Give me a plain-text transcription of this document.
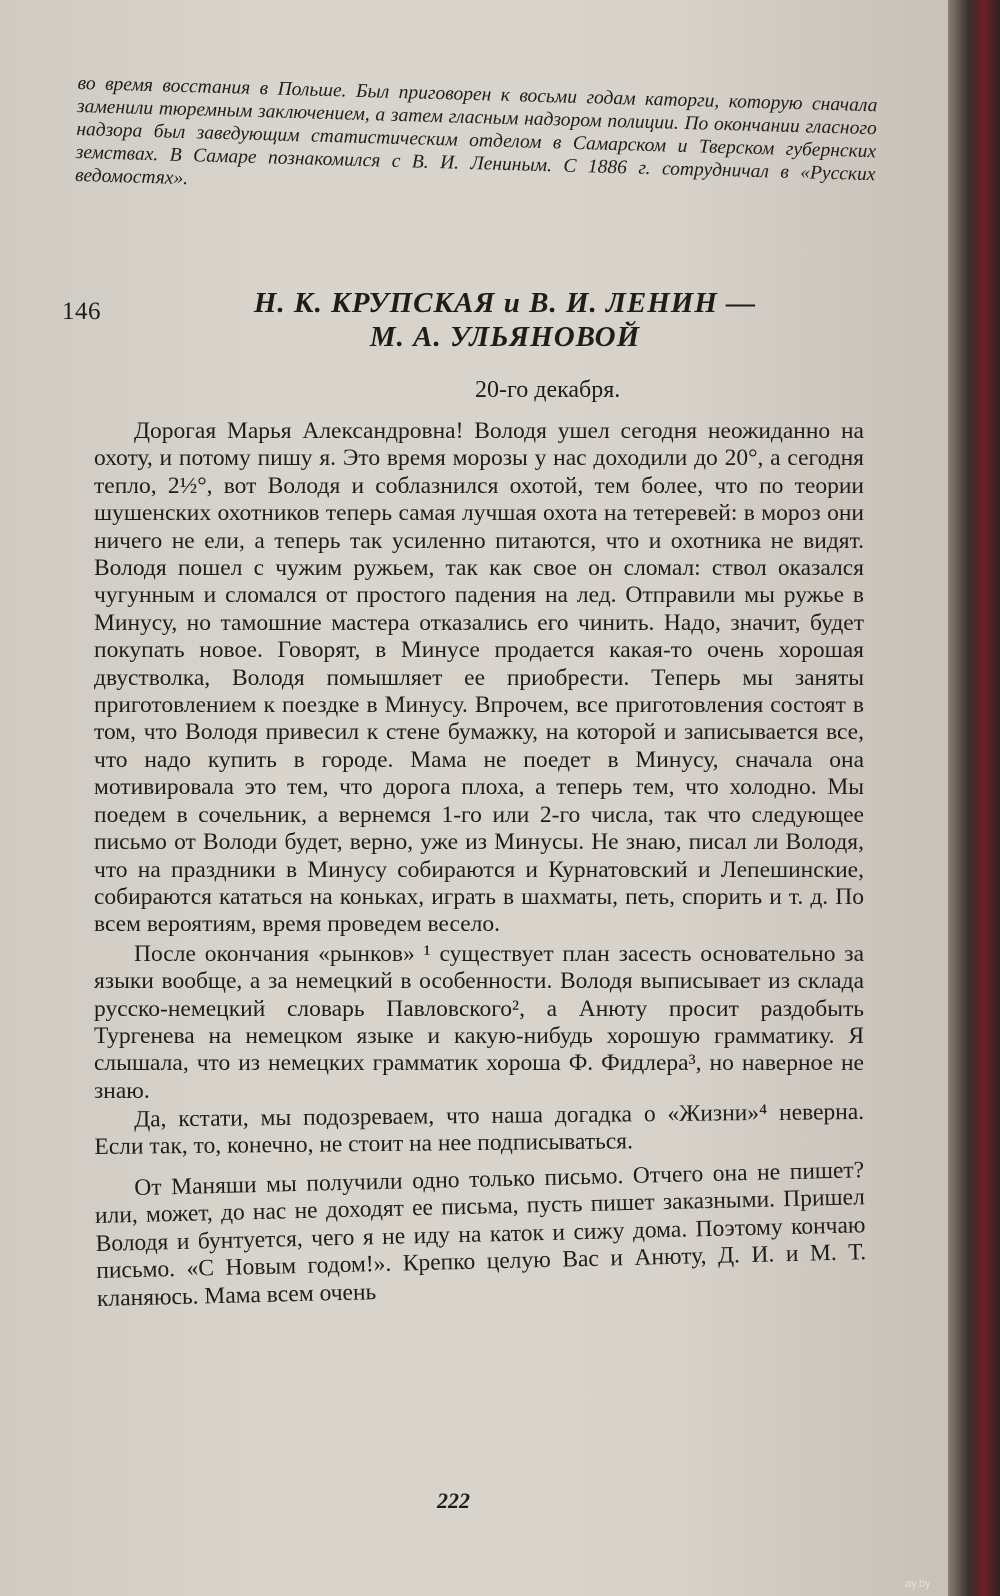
во время восстания в Польше. Был приговорен к восьми годам каторги, которую сначала заменили тюремным заключением, а затем гласным надзором полиции. По окончании гласного надзора был заведующим статистическим отделом в Самарском и Тверском губернских земствах. В Самаре познакомился с В. И. Лениным. С 1886 г. сотрудничал в «Русских ведомостях».

146	Н. К. КРУПСКАЯ и В. И. ЛЕНИН —
М. А. УЛЬЯНОВОЙ
20-го декабря.

Дорогая Марья Александровна! Володя ушел сегодня неожиданно на охоту, и потому пишу я. Это время морозы у нас доходили до 20°, а сегодня тепло, 2½°, вот Володя и соблазнился охотой, тем более, что по теории шушенских охотников теперь самая лучшая охота на тетеревей: в мороз они ничего не ели, а теперь так усиленно питаются, что и охотника не видят. Володя пошел с чужим ружьем, так как свое он сломал: ствол оказался чугунным и сломался от простого падения на лед. Отправили мы ружье в Минусу, но тамошние мастера отказались его чинить. Надо, значит, будет покупать новое. Говорят, в Минусе продается какая-то очень хорошая двустволка, Володя помышляет ее приобрести. Теперь мы заняты приготовлением к поездке в Минусу. Впрочем, все приготовления состоят в том, что Володя привесил к стене бумажку, на которой и записывается все, что надо купить в городе. Мама не поедет в Минусу, сначала она мотивировала это тем, что дорога плоха, а теперь тем, что холодно. Мы поедем в сочельник, а вернемся 1-го или 2-го числа, так что следующее письмо от Володи будет, верно, уже из Минусы. Не знаю, писал ли Володя, что на праздники в Минусу собираются и Курнатовский и Лепешинские, собираются кататься на коньках, играть в шахматы, петь, спорить и т. д. По всем вероятиям, время проведем весело.

После окончания «рынков» ¹ существует план засесть основательно за языки вообще, а за немецкий в особенности. Володя выписывает из склада русско-немецкий словарь Павловского², а Анюту просит раздобыть Тургенева на немецком языке и какую-нибудь хорошую грамматику. Я слышала, что из немецких грамматик хороша Ф. Фидлера³, но наверное не знаю.

Да, кстати, мы подозреваем, что наша догадка о «Жизни»⁴ неверна. Если так, то, конечно, не стоит на нее подписываться.

От Маняши мы получили одно только письмо. Отчего она не пишет? или, может, до нас не доходят ее письма, пусть пишет заказными. Пришел Володя и бунтуется, чего я не иду на каток и сижу дома. Поэтому кончаю письмо. «С Новым годом!». Крепко целую Вас и Анюту, Д. И. и М. Т. кланяюсь. Мама всем очень

222
ay.by
